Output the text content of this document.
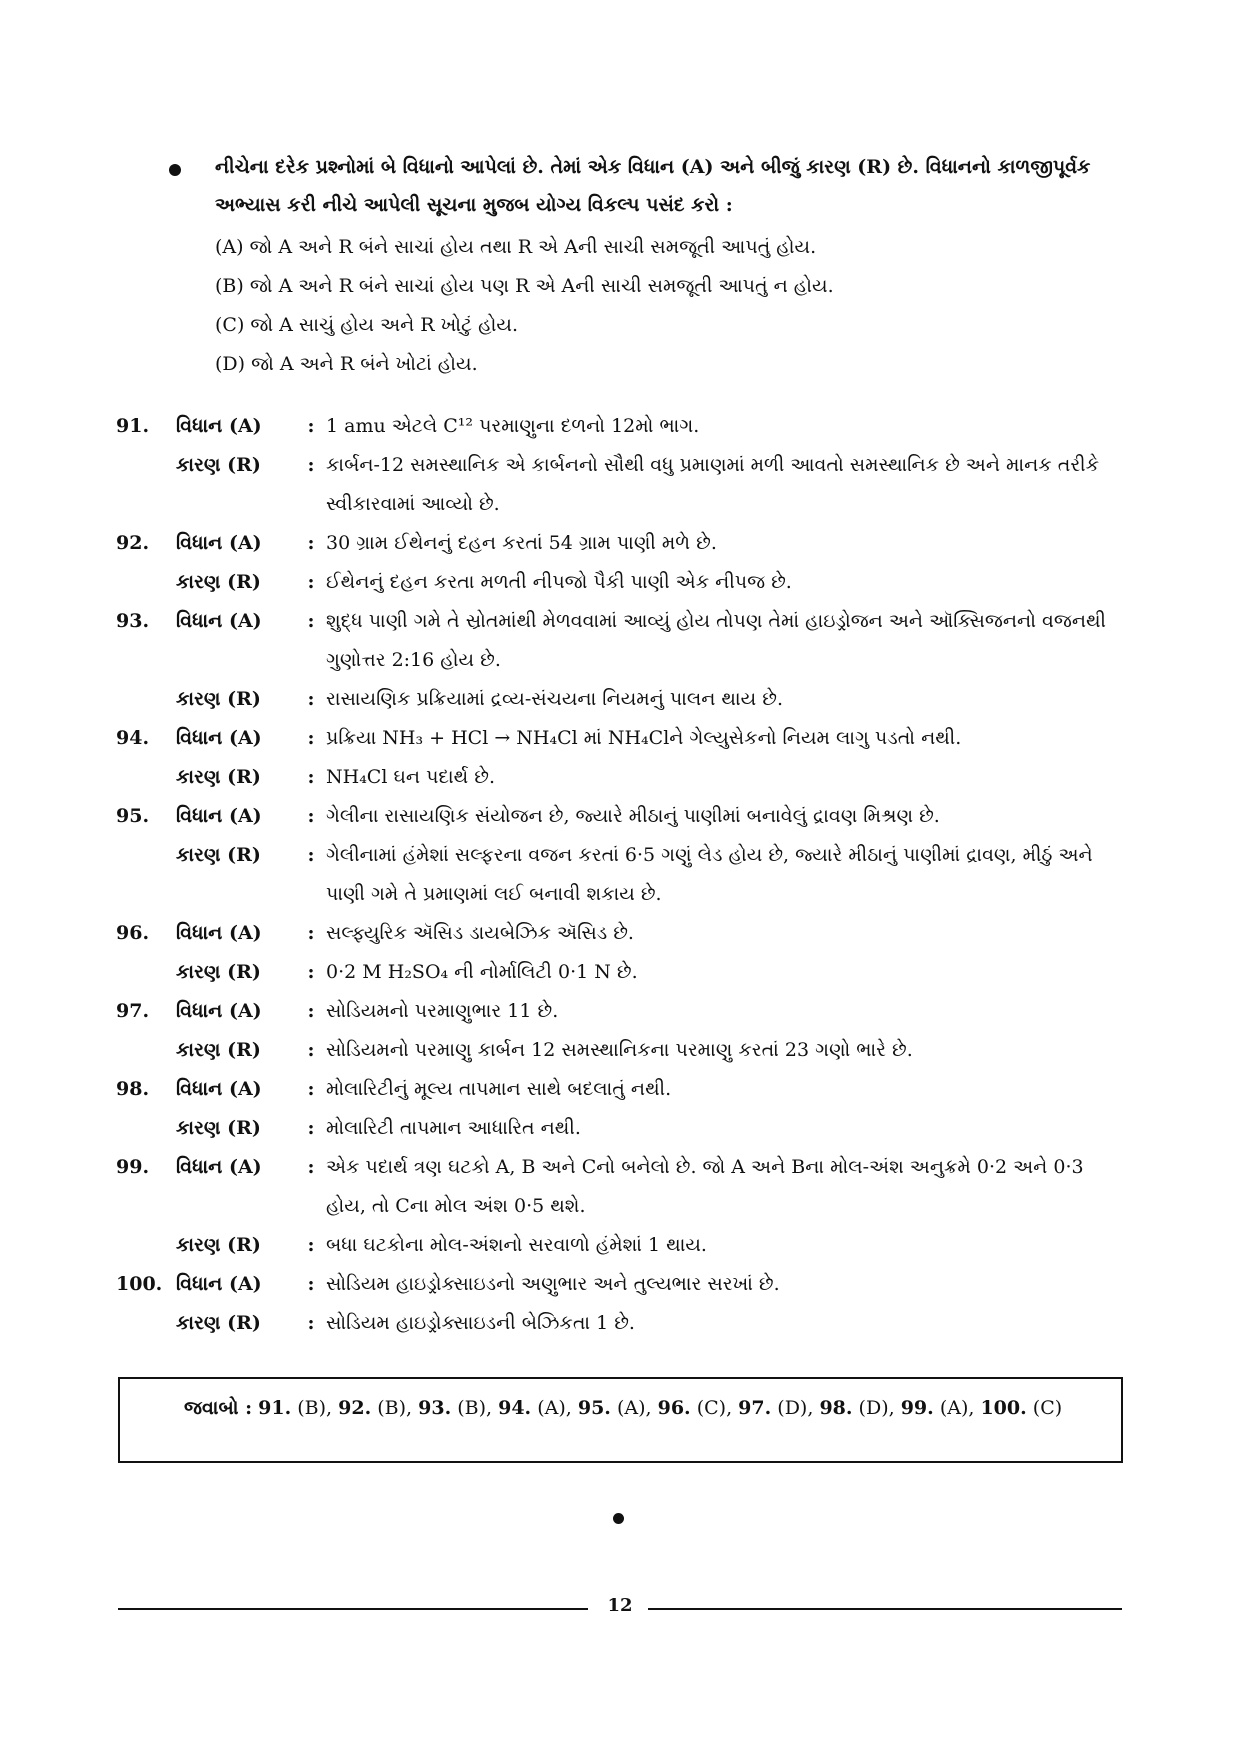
નીચેના દરેક પ્રશ્નોમાં બે વિધાનો આપેલાં છે. તેમાં એક વિધાન (A) અને બીજું કારણ (R) છે. વિધાનનો કાળજીપૂર્વક અભ્યાસ કરી નીચે આપેલી સૂચના મુજબ યોગ્ય વિકલ્પ પસંદ કરો :
(A) જો A અને R બંને સાચાં હોય તથા R એ Aની સાચી સમજૂતી આપતું હોય.
(B) જો A અને R બંને સાચાં હોય પણ R એ Aની સાચી સમજૂતી આપતું ન હોય.
(C) જો A સાચું હોય અને R ખોટું હોય.
(D) જો A અને R બંને ખોટાં હોય.
91.	વિધાન (A)	: 1 amu એટલે C¹² પરમાણુના દળનો 12મો ભાગ.
કારણ (R)	: કાર્બન-12 સમસ્થાનિક એ કાર્બનનો સૌથી વધુ પ્રમાણમાં મળી આવતો સમસ્થાનિક છે અને માનક તરીકે સ્વીકારવામાં આવ્યો છે.
92.	વિધાન (A)	: 30 ગ્રામ ઈથેનનું દહન કરતાં 54 ગ્રામ પાણી મળે છે.
કારણ (R)	: ઈથેનનું દહન કરતા મળતી નીપજો પૈકી પાણી એક નીપજ છે.
93.	વિધાન (A)	: શુદ્ધ પાણી ગમે તે સ્રોતમાંથી મેળવવામાં આવ્યું હોય તોપણ તેમાં હાઇડ્રોજન અને ઑક્સિજનનો વજનથી ગુણોત્તર 2:16 હોય છે.
કારણ (R)	: રાસાયણિક પ્રક્રિયામાં દ્રવ્ય-સંચયના નિયમનું પાલન થાય છે.
94.	વિધાન (A)	: પ્રક્રિયા NH₃ + HCl → NH₄Cl માં NH₄Clને ગેલ્યુસેકનો નિયમ લાગુ પડતો નથી.
કારણ (R)	: NH₄Cl ઘન પદાર્થ છે.
95.	વિધાન (A)	: ગેલીના રાસાયણિક સંયોજન છે, જ્યારે મીઠાનું પાણીમાં બનાવેલું દ્રાવણ મિશ્રણ છે.
કારણ (R)	: ગેલીનામાં હંમેશાં સલ્ફરના વજન કરતાં 6·5 ગણું લેડ હોય છે, જ્યારે મીઠાનું પાણીમાં દ્રાવણ, મીઠું અને પાણી ગમે તે પ્રમાણમાં લઈ બનાવી શકાય છે.
96.	વિધાન (A)	: સલ્ફ્યુરિક ઍસિડ ડાયબેઝિક ઍસિડ છે.
કારણ (R)	: 0·2 M H₂SO₄ ની નોર્માલિટી 0·1 N છે.
97.	વિધાન (A)	: સોડિયમનો પરમાણુભાર 11 છે.
કારણ (R)	: સોડિયમનો પરમાણુ કાર્બન 12 સમસ્થાનિકના પરમાણુ કરતાં 23 ગણો ભારે છે.
98.	વિધાન (A)	: મોલારિટીનું મૂલ્ય તાપમાન સાથે બદલાતું નથી.
કારણ (R)	: મોલારિટી તાપમાન આધારિત નથી.
99.	વિધાન (A)	: એક પદાર્થ ત્રણ ઘટકો A, B અને Cનો બનેલો છે. જો A અને Bના મોલ-અંશ અનુક્રમે 0·2 અને 0·3 હોય, તો Cના મોલ અંશ 0·5 થશે.
કારણ (R)	: બધા ઘટકોના મોલ-અંશનો સરવાળો હંમેશાં 1 થાય.
100. વિધાન (A)	: સોડિયમ હાઇડ્રોક્સાઇડનો અણુભાર અને તુલ્યભાર સરખાં છે.
કારણ (R)	: સોડિયમ હાઇડ્રોક્સાઇડની બેઝિકતા 1 છે.
જવાબો : 91. (B), 92. (B), 93. (B), 94. (A), 95. (A), 96. (C), 97. (D), 98. (D), 99. (A), 100. (C)
12
